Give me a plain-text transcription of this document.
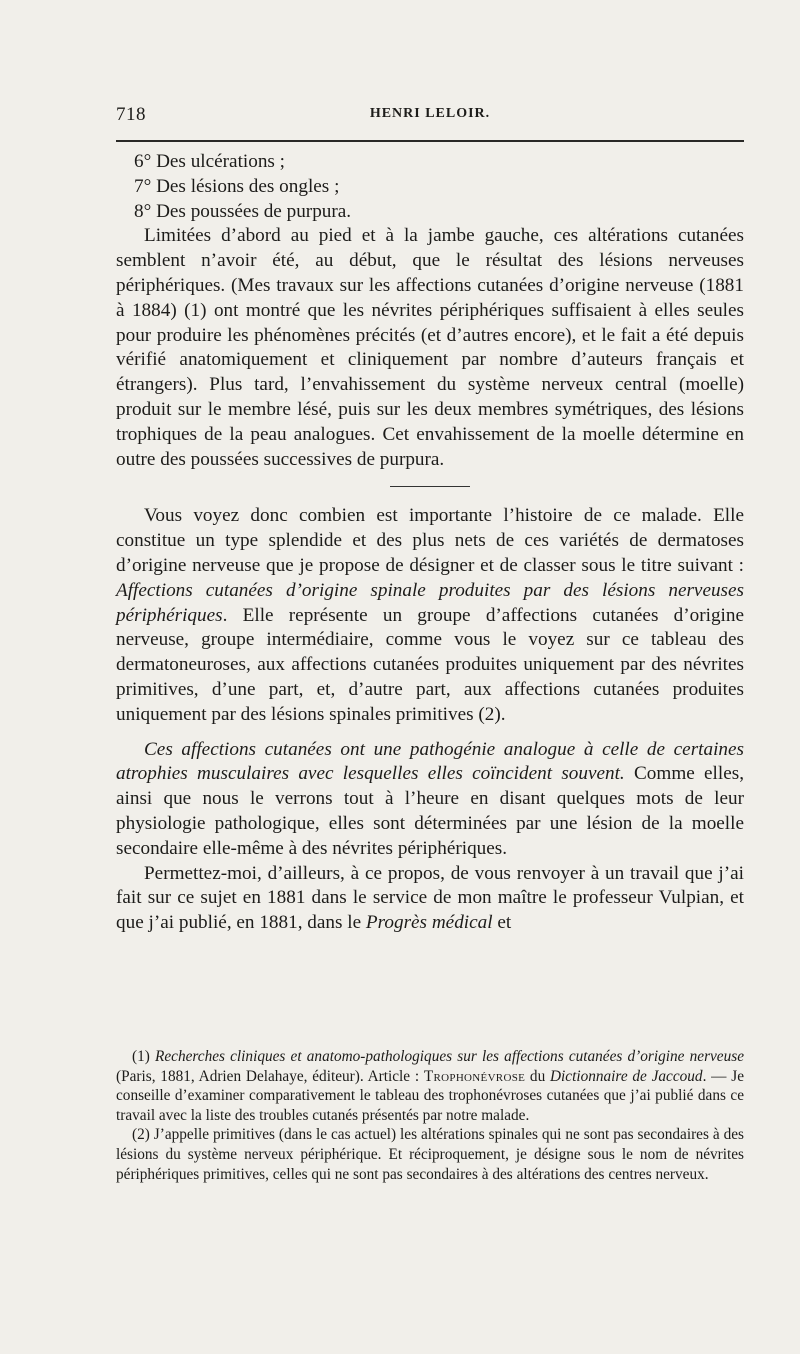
718	HENRI LELOIR.

6° Des ulcérations ;

7° Des lésions des ongles ;

8° Des poussées de purpura.

Limitées d’abord au pied et à la jambe gauche, ces altérations cutanées semblent n’avoir été, au début, que le résultat des lésions nerveuses périphériques. (Mes travaux sur les affections cutanées d’origine nerveuse (1881 à 1884) (1) ont montré que les névrites périphériques suffisaient à elles seules pour produire les phénomènes précités (et d’autres encore), et le fait a été depuis vérifié anatomiquement et cliniquement par nombre d’auteurs français et étrangers). Plus tard, l’envahissement du système nerveux central (moelle) produit sur le membre lésé, puis sur les deux membres symétriques, des lésions trophiques de la peau analogues. Cet envahissement de la moelle détermine en outre des poussées successives de purpura.

Vous voyez donc combien est importante l’histoire de ce malade. Elle constitue un type splendide et des plus nets de ces variétés de dermatoses d’origine nerveuse que je propose de désigner et de classer sous le titre suivant : Affections cutanées d’origine spinale produites par des lésions nerveuses périphériques. Elle représente un groupe d’affections cutanées d’origine nerveuse, groupe intermédiaire, comme vous le voyez sur ce tableau des dermatoneuroses, aux affections cutanées produites uniquement par des névrites primitives, d’une part, et, d’autre part, aux affections cutanées produites uniquement par des lésions spinales primitives (2).

Ces affections cutanées ont une pathogénie analogue à celle de certaines atrophies musculaires avec lesquelles elles coïncident souvent. Comme elles, ainsi que nous le verrons tout à l’heure en disant quelques mots de leur physiologie pathologique, elles sont déterminées par une lésion de la moelle secondaire elle-même à des névrites périphériques.

Permettez-moi, d’ailleurs, à ce propos, de vous renvoyer à un travail que j’ai fait sur ce sujet en 1881 dans le service de mon maître le professeur Vulpian, et que j’ai publié, en 1881, dans le Progrès médical et

(1) Recherches cliniques et anatomo-pathologiques sur les affections cutanées d’origine nerveuse (Paris, 1881, Adrien Delahaye, éditeur). Article : Trophonévrose du Dictionnaire de Jaccoud. — Je conseille d’examiner comparativement le tableau des trophonévroses cutanées que j’ai publié dans ce travail avec la liste des troubles cutanés présentés par notre malade.

(2) J’appelle primitives (dans le cas actuel) les altérations spinales qui ne sont pas secondaires à des lésions du système nerveux périphérique. Et réciproquement, je désigne sous le nom de névrites périphériques primitives, celles qui ne sont pas secondaires à des altérations des centres nerveux.
